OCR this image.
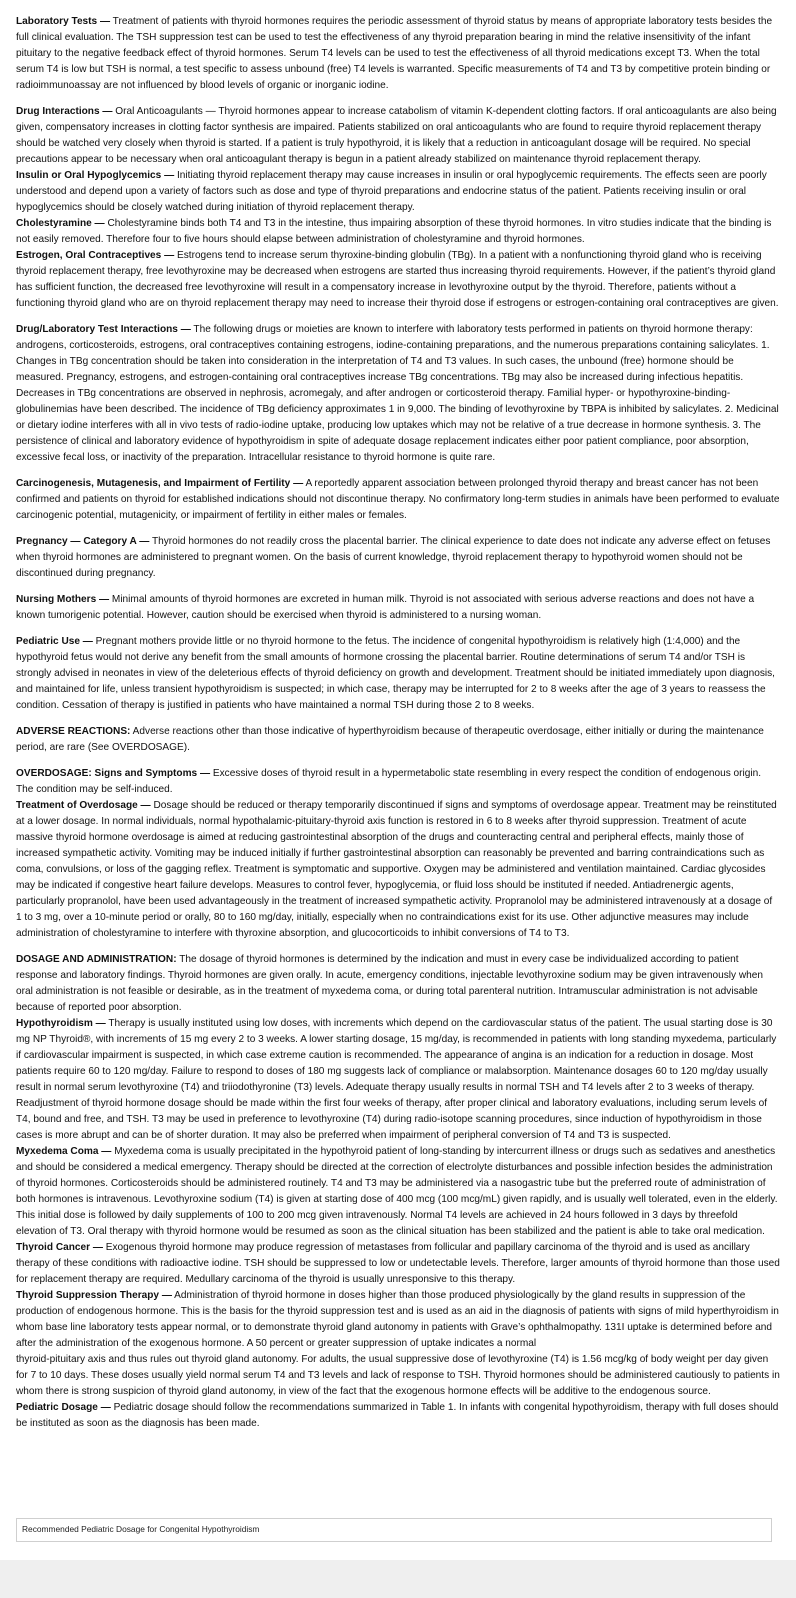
Laboratory Tests — Treatment of patients with thyroid hormones requires the periodic assessment of thyroid status by means of appropriate laboratory tests besides the full clinical evaluation. The TSH suppression test can be used to test the effectiveness of any thyroid preparation bearing in mind the relative insensitivity of the infant pituitary to the negative feedback effect of thyroid hormones. Serum T4 levels can be used to test the effectiveness of all thyroid medications except T3. When the total serum T4 is low but TSH is normal, a test specific to assess unbound (free) T4 levels is warranted. Specific measurements of T4 and T3 by competitive protein binding or radioimmunoassay are not influenced by blood levels of organic or inorganic iodine.

Drug Interactions — Oral Anticoagulants — Thyroid hormones appear to increase catabolism of vitamin K-dependent clotting factors. If oral anticoagulants are also being given, compensatory increases in clotting factor synthesis are impaired. Patients stabilized on oral anticoagulants who are found to require thyroid replacement therapy should be watched very closely when thyroid is started. If a patient is truly hypothyroid, it is likely that a reduction in anticoagulant dosage will be required. No special precautions appear to be necessary when oral anticoagulant therapy is begun in a patient already stabilized on maintenance thyroid replacement therapy.

Insulin or Oral Hypoglycemics — Initiating thyroid replacement therapy may cause increases in insulin or oral hypoglycemic requirements. The effects seen are poorly understood and depend upon a variety of factors such as dose and type of thyroid preparations and endocrine status of the patient. Patients receiving insulin or oral hypoglycemics should be closely watched during initiation of thyroid replacement therapy.

Cholestyramine — Cholestyramine binds both T4 and T3 in the intestine, thus impairing absorption of these thyroid hormones. In vitro studies indicate that the binding is not easily removed. Therefore four to five hours should elapse between administration of cholestyramine and thyroid hormones.

Estrogen, Oral Contraceptives — Estrogens tend to increase serum thyroxine-binding globulin (TBg). In a patient with a nonfunctioning thyroid gland who is receiving thyroid replacement therapy, free levothyroxine may be decreased when estrogens are started thus increasing thyroid requirements. However, if the patient’s thyroid gland has sufficient function, the decreased free levothyroxine will result in a compensatory increase in levothyroxine output by the thyroid. Therefore, patients without a functioning thyroid gland who are on thyroid replacement therapy may need to increase their thyroid dose if estrogens or estrogen-containing oral contraceptives are given.

Drug/Laboratory Test Interactions — The following drugs or moieties are known to interfere with laboratory tests performed in patients on thyroid hormone therapy: androgens, corticosteroids, estrogens, oral contraceptives containing estrogens, iodine-containing preparations, and the numerous preparations containing salicylates. 1. Changes in TBg concentration should be taken into consideration in the interpretation of T4 and T3 values. In such cases, the unbound (free) hormone should be measured. Pregnancy, estrogens, and estrogen-containing oral contraceptives increase TBg concentrations. TBg may also be increased during infectious hepatitis. Decreases in TBg concentrations are observed in nephrosis, acromegaly, and after androgen or corticosteroid therapy. Familial hyper- or hypothyroxine-binding-globulinemias have been described. The incidence of TBg deficiency approximates 1 in 9,000. The binding of levothyroxine by TBPA is inhibited by salicylates. 2. Medicinal or dietary iodine interferes with all in vivo tests of radio-iodine uptake, producing low uptakes which may not be relative of a true decrease in hormone synthesis. 3. The persistence of clinical and laboratory evidence of hypothyroidism in spite of adequate dosage replacement indicates either poor patient compliance, poor absorption, excessive fecal loss, or inactivity of the preparation. Intracellular resistance to thyroid hormone is quite rare.

Carcinogenesis, Mutagenesis, and Impairment of Fertility — A reportedly apparent association between prolonged thyroid therapy and breast cancer has not been confirmed and patients on thyroid for established indications should not discontinue therapy. No confirmatory long-term studies in animals have been performed to evaluate carcinogenic potential, mutagenicity, or impairment of fertility in either males or females.

Pregnancy — Category A — Thyroid hormones do not readily cross the placental barrier. The clinical experience to date does not indicate any adverse effect on fetuses when thyroid hormones are administered to pregnant women. On the basis of current knowledge, thyroid replacement therapy to hypothyroid women should not be discontinued during pregnancy.

Nursing Mothers — Minimal amounts of thyroid hormones are excreted in human milk. Thyroid is not associated with serious adverse reactions and does not have a known tumorigenic potential. However, caution should be exercised when thyroid is administered to a nursing woman.

Pediatric Use — Pregnant mothers provide little or no thyroid hormone to the fetus. The incidence of congenital hypothyroidism is relatively high (1:4,000) and the hypothyroid fetus would not derive any benefit from the small amounts of hormone crossing the placental barrier. Routine determinations of serum T4 and/or TSH is strongly advised in neonates in view of the deleterious effects of thyroid deficiency on growth and development. Treatment should be initiated immediately upon diagnosis, and maintained for life, unless transient hypothyroidism is suspected; in which case, therapy may be interrupted for 2 to 8 weeks after the age of 3 years to reassess the condition. Cessation of therapy is justified in patients who have maintained a normal TSH during those 2 to 8 weeks.

ADVERSE REACTIONS: Adverse reactions other than those indicative of hyperthyroidism because of therapeutic overdosage, either initially or during the maintenance period, are rare (See OVERDOSAGE).

OVERDOSAGE: Signs and Symptoms — Excessive doses of thyroid result in a hypermetabolic state resembling in every respect the condition of endogenous origin. The condition may be self-induced.

Treatment of Overdosage — Dosage should be reduced or therapy temporarily discontinued if signs and symptoms of overdosage appear. Treatment may be reinstituted at a lower dosage. In normal individuals, normal hypothalamic-pituitary-thyroid axis function is restored in 6 to 8 weeks after thyroid suppression. Treatment of acute massive thyroid hormone overdosage is aimed at reducing gastrointestinal absorption of the drugs and counteracting central and peripheral effects, mainly those of increased sympathetic activity. Vomiting may be induced initially if further gastrointestinal absorption can reasonably be prevented and barring contraindications such as coma, convulsions, or loss of the gagging reflex. Treatment is symptomatic and supportive. Oxygen may be administered and ventilation maintained. Cardiac glycosides may be indicated if congestive heart failure develops. Measures to control fever, hypoglycemia, or fluid loss should be instituted if needed. Antiadrenergic agents, particularly propranolol, have been used advantageously in the treatment of increased sympathetic activity. Propranolol may be administered intravenously at a dosage of 1 to 3 mg, over a 10-minute period or orally, 80 to 160 mg/day, initially, especially when no contraindications exist for its use. Other adjunctive measures may include administration of cholestyramine to interfere with thyroxine absorption, and glucocorticoids to inhibit conversions of T4 to T3.

DOSAGE AND ADMINISTRATION: The dosage of thyroid hormones is determined by the indication and must in every case be individualized according to patient response and laboratory findings. Thyroid hormones are given orally. In acute, emergency conditions, injectable levothyroxine sodium may be given intravenously when oral administration is not feasible or desirable, as in the treatment of myxedema coma, or during total parenteral nutrition. Intramuscular administration is not advisable because of reported poor absorption.

Hypothyroidism — Therapy is usually instituted using low doses, with increments which depend on the cardiovascular status of the patient. The usual starting dose is 30 mg NP Thyroid®, with increments of 15 mg every 2 to 3 weeks. A lower starting dosage, 15 mg/day, is recommended in patients with long standing myxedema, particularly if cardiovascular impairment is suspected, in which case extreme caution is recommended. The appearance of angina is an indication for a reduction in dosage. Most patients require 60 to 120 mg/day. Failure to respond to doses of 180 mg suggests lack of compliance or malabsorption. Maintenance dosages 60 to 120 mg/day usually result in normal serum levothyroxine (T4) and triiodothyronine (T3) levels. Adequate therapy usually results in normal TSH and T4 levels after 2 to 3 weeks of therapy. Readjustment of thyroid hormone dosage should be made within the first four weeks of therapy, after proper clinical and laboratory evaluations, including serum levels of T4, bound and free, and TSH. T3 may be used in preference to levothyroxine (T4) during radio-isotope scanning procedures, since induction of hypothyroidism in those cases is more abrupt and can be of shorter duration. It may also be preferred when impairment of peripheral conversion of T4 and T3 is suspected.

Myxedema Coma — Myxedema coma is usually precipitated in the hypothyroid patient of long-standing by intercurrent illness or drugs such as sedatives and anesthetics and should be considered a medical emergency. Therapy should be directed at the correction of electrolyte disturbances and possible infection besides the administration of thyroid hormones. Corticosteroids should be administered routinely. T4 and T3 may be administered via a nasogastric tube but the preferred route of administration of both hormones is intravenous. Levothyroxine sodium (T4) is given at starting dose of 400 mcg (100 mcg/mL) given rapidly, and is usually well tolerated, even in the elderly. This initial dose is followed by daily supplements of 100 to 200 mcg given intravenously. Normal T4 levels are achieved in 24 hours followed in 3 days by threefold elevation of T3. Oral therapy with thyroid hormone would be resumed as soon as the clinical situation has been stabilized and the patient is able to take oral medication.

Thyroid Cancer — Exogenous thyroid hormone may produce regression of metastases from follicular and papillary carcinoma of the thyroid and is used as ancillary therapy of these conditions with radioactive iodine. TSH should be suppressed to low or undetectable levels. Therefore, larger amounts of thyroid hormone than those used for replacement therapy are required. Medullary carcinoma of the thyroid is usually unresponsive to this therapy.

Thyroid Suppression Therapy — Administration of thyroid hormone in doses higher than those produced physiologically by the gland results in suppression of the production of endogenous hormone. This is the basis for the thyroid suppression test and is used as an aid in the diagnosis of patients with signs of mild hyperthyroidism in whom base line laboratory tests appear normal, or to demonstrate thyroid gland autonomy in patients with Grave’s ophthalmopathy. 131I uptake is determined before and after the administration of the exogenous hormone. A 50 percent or greater suppression of uptake indicates a normal

thyroid-pituitary axis and thus rules out thyroid gland autonomy. For adults, the usual suppressive dose of levothyroxine (T4) is 1.56 mcg/kg of body weight per day given for 7 to 10 days. These doses usually yield normal serum T4 and T3 levels and lack of response to TSH. Thyroid hormones should be administered cautiously to patients in whom there is strong suspicion of thyroid gland autonomy, in view of the fact that the exogenous hormone effects will be additive to the endogenous source.

Pediatric Dosage — Pediatric dosage should follow the recommendations summarized in Table 1. In infants with congenital hypothyroidism, therapy with full doses should be instituted as soon as the diagnosis has been made.

Recommended Pediatric Dosage for Congenital Hypothyroidism
